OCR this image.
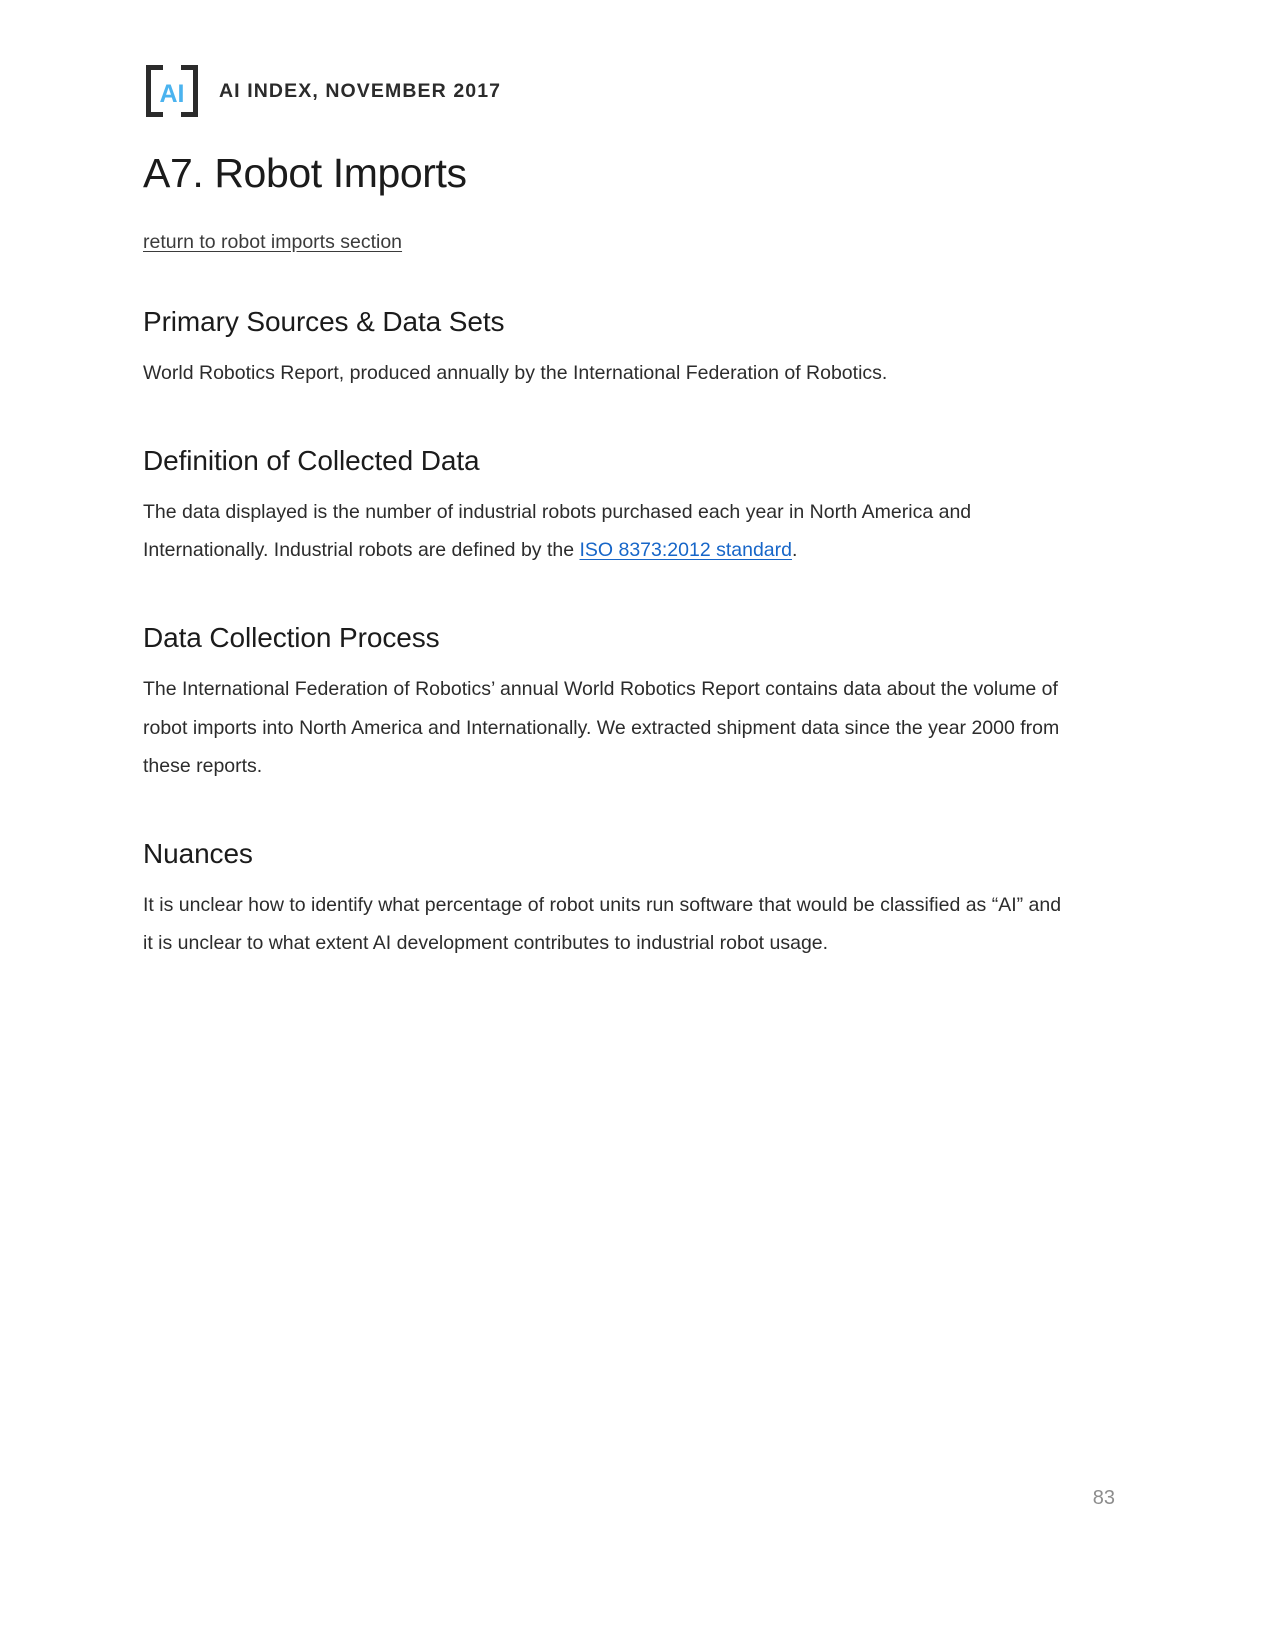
AI AI INDEX, NOVEMBER 2017
A7. Robot Imports
return to robot imports section
Primary Sources & Data Sets

World Robotics Report, produced annually by the International Federation of Robotics.

Definition of Collected Data

The data displayed is the number of industrial robots purchased each year in North America and Internationally. Industrial robots are defined by the ISO 8373:2012 standard.

Data Collection Process

The International Federation of Robotics’ annual World Robotics Report contains data about the volume of robot imports into North America and Internationally. We extracted shipment data since the year 2000 from these reports.

Nuances

It is unclear how to identify what percentage of robot units run software that would be classified as “AI” and it is unclear to what extent AI development contributes to industrial robot usage.

83
